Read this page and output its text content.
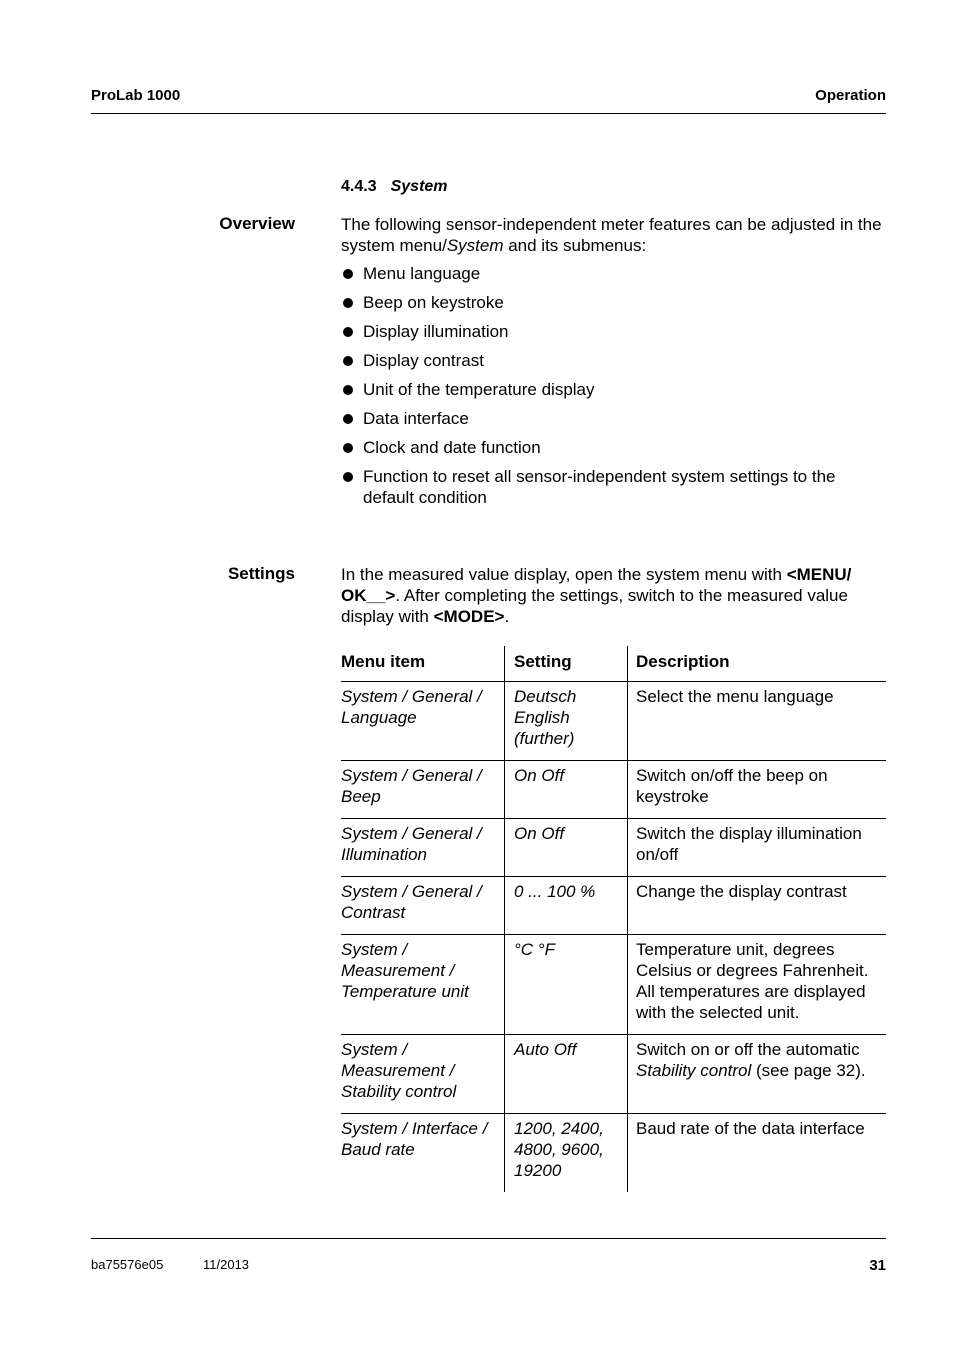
ProLab 1000	Operation
4.4.3 System
Overview	The following sensor-independent meter features can be adjusted in the system menu/System and its submenus:
Menu language
Beep on keystroke
Display illumination
Display contrast
Unit of the temperature display
Data interface
Clock and date function
Function to reset all sensor-independent system settings to the default condition
Settings	In the measured value display, open the system menu with <MENU/ OK__>. After completing the settings, switch to the measured value display with <MODE>.
Menu item	Setting	Description
System / General / Language	Deutsch English (further)	Select the menu language
System / General / Beep	On Off	Switch on/off the beep on keystroke
System / General / Illumination	On Off	Switch the display illumination on/off
System / General / Contrast	0 ... 100 %	Change the display contrast
System / Measurement / Temperature unit	°C °F	Temperature unit, degrees Celsius or degrees Fahrenheit. All temperatures are displayed with the selected unit.
System / Measurement / Stability control	Auto Off	Switch on or off the automatic Stability control (see page 32).
System / Interface / Baud rate	1200, 2400, 4800, 9600, 19200	Baud rate of the data interface
ba75576e05	11/2013	31
